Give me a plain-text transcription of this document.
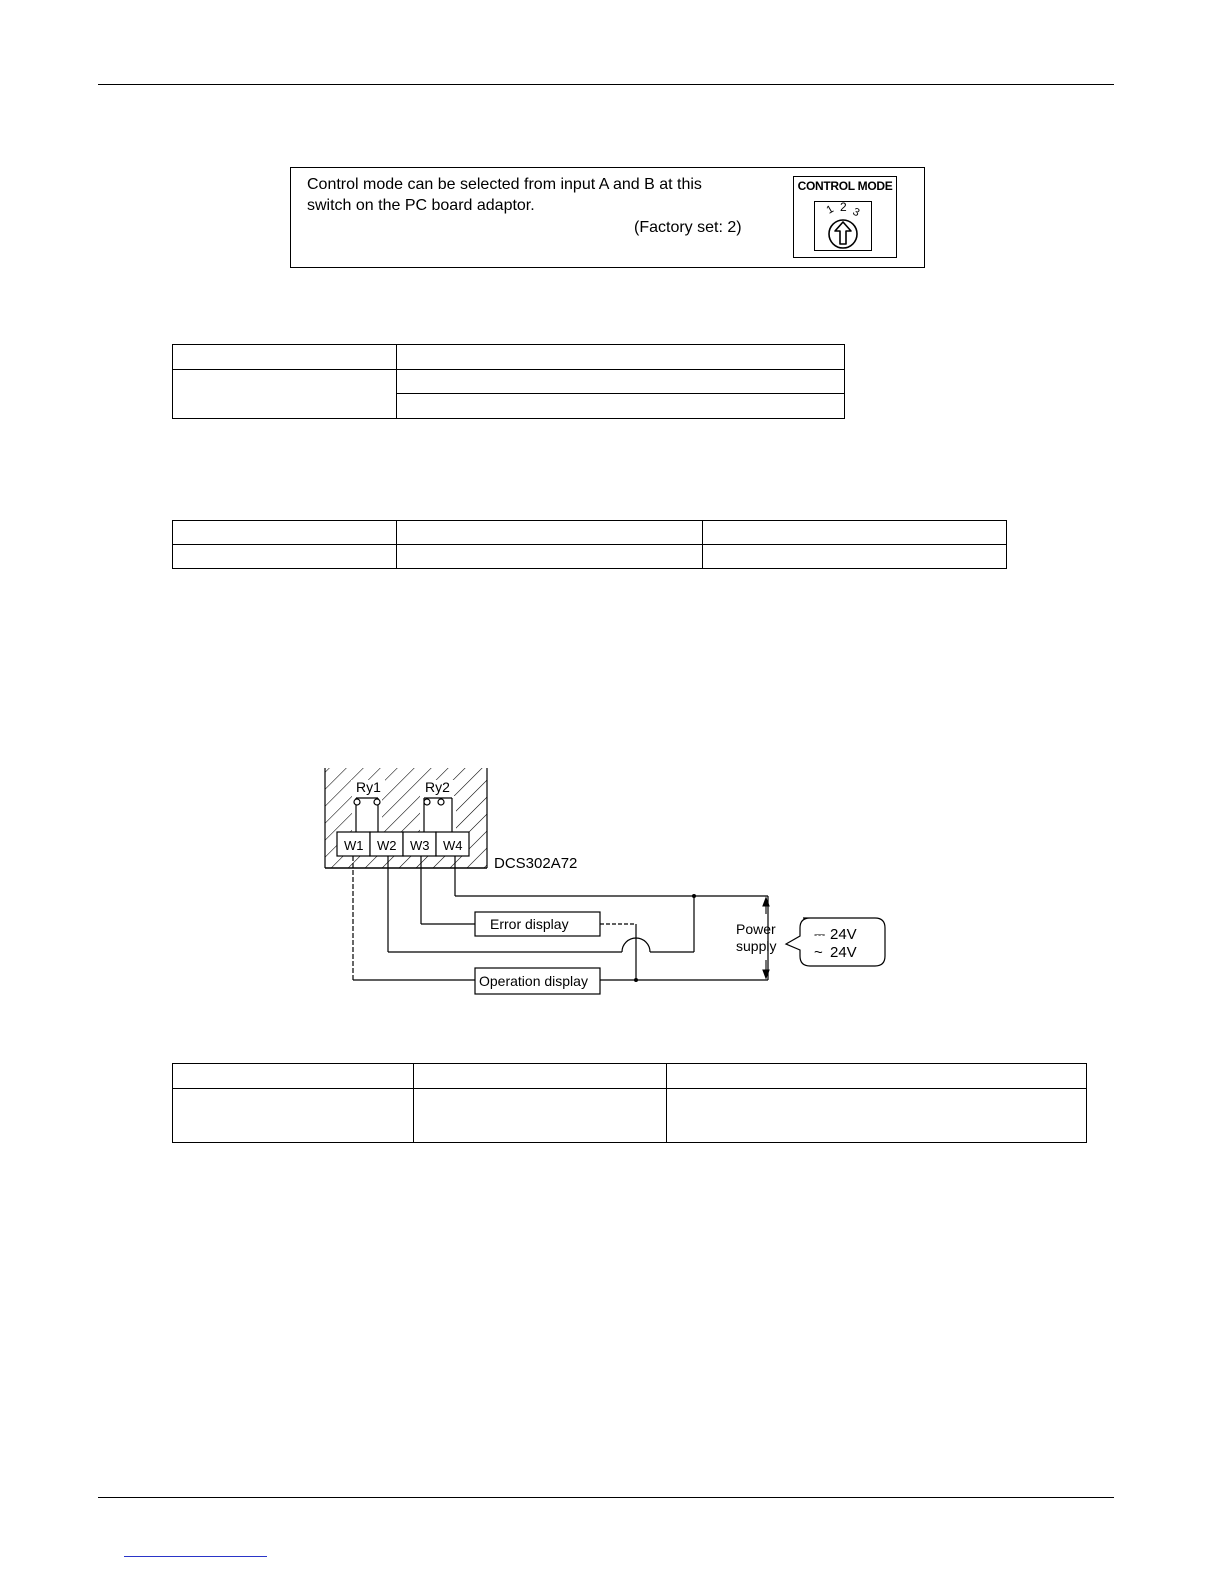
Control mode can be selected from input A and B at this
switch on the PC board adaptor.
(Factory set: 2)
CONTROL MODE
1 2 3

Ry1	Ry2
W1 W2 W3 W4
DCS302A72
Error display
Operation display
Power
supply
⎓ 24V
~ 24V
